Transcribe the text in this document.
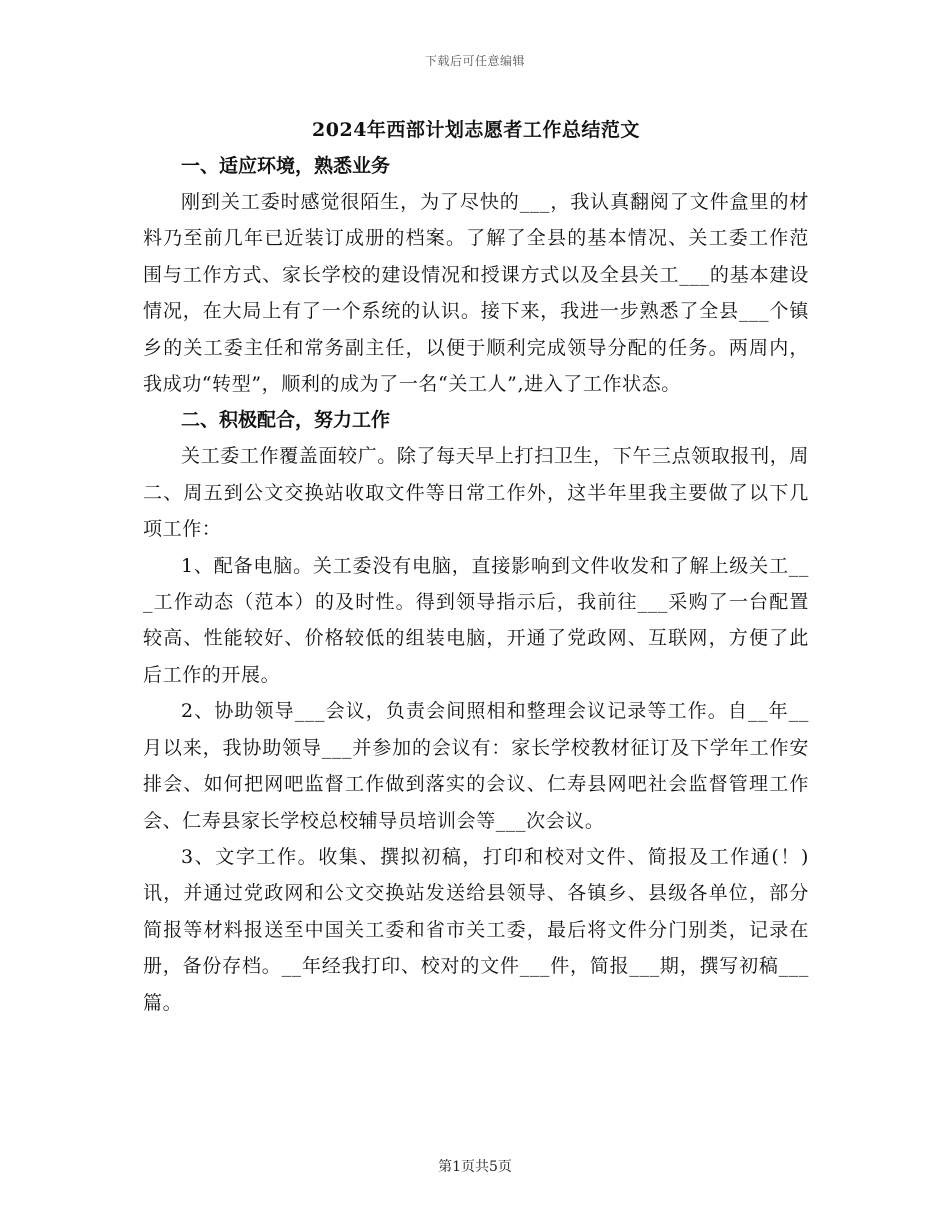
下载后可任意编辑
2024年西部计划志愿者工作总结范文
一、适应环境，熟悉业务

刚到关工委时感觉很陌生，为了尽快的___，我认真翻阅了文件盒里的材料乃至前几年已近装订成册的档案。了解了全县的基本情况、关工委工作范围与工作方式、家长学校的建设情况和授课方式以及全县关工___的基本建设情况，在大局上有了一个系统的认识。接下来，我进一步熟悉了全县___个镇乡的关工委主任和常务副主任，以便于顺利完成领导分配的任务。两周内，我成功“转型”，顺利的成为了一名“关工人”,进入了工作状态。

二、积极配合，努力工作

关工委工作覆盖面较广。除了每天早上打扫卫生，下午三点领取报刊，周二、周五到公文交换站收取文件等日常工作外，这半年里我主要做了以下几项工作：

1、配备电脑。关工委没有电脑，直接影响到文件收发和了解上级关工___工作动态（范本）的及时性。得到领导指示后，我前往___采购了一台配置较高、性能较好、价格较低的组装电脑，开通了党政网、互联网，方便了此后工作的开展。

2、协助领导___会议，负责会间照相和整理会议记录等工作。自__年__月以来，我协助领导___并参加的会议有：家长学校教材征订及下学年工作安排会、如何把网吧监督工作做到落实的会议、仁寿县网吧社会监督管理工作会、仁寿县家长学校总校辅导员培训会等___次会议。

3、文字工作。收集、撰拟初稿，打印和校对文件、简报及工作通(！)讯，并通过党政网和公文交换站发送给县领导、各镇乡、县级各单位，部分简报等材料报送至中国关工委和省市关工委，最后将文件分门别类，记录在册，备份存档。__年经我打印、校对的文件___件，简报___期，撰写初稿___篇。

第1页共5页
